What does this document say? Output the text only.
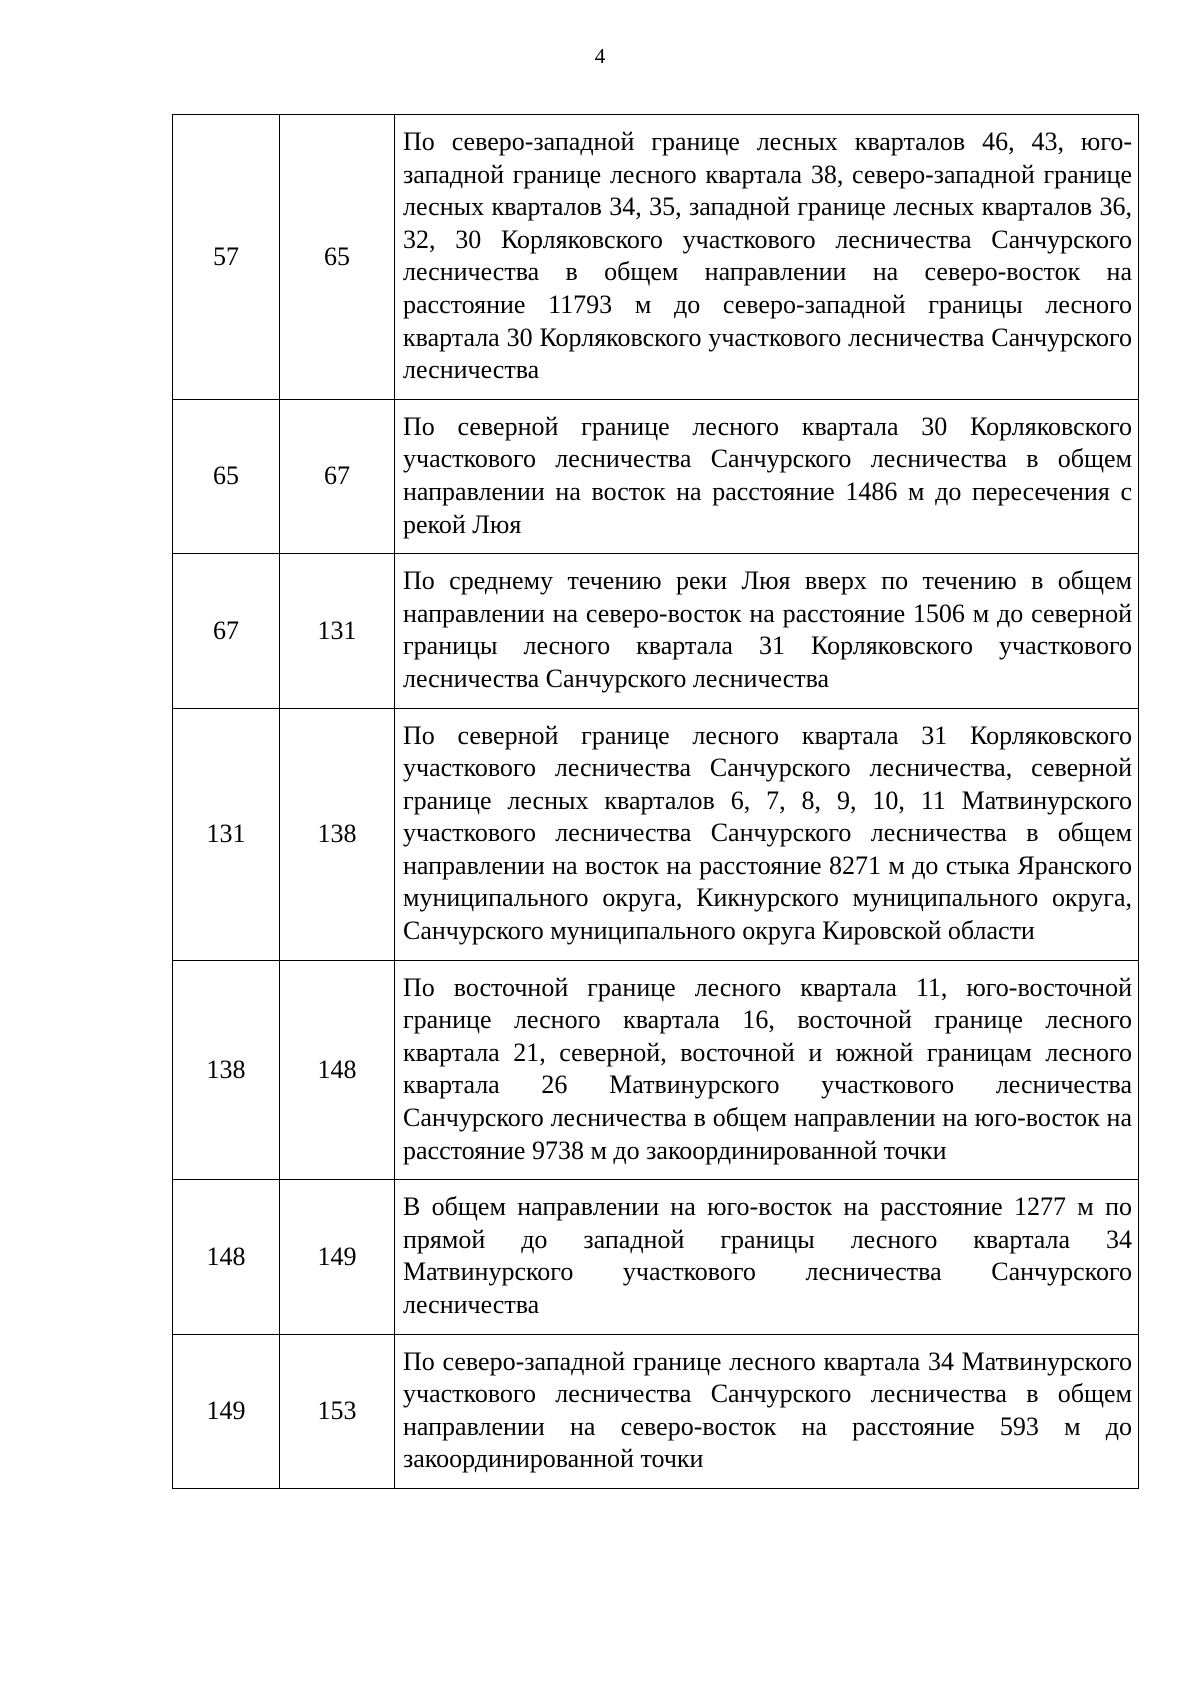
4
57	65	По северо-западной границе лесных кварталов 46, 43, юго-западной границе лесного квартала 38, северо-западной границе лесных кварталов 34, 35, западной границе лесных кварталов 36, 32, 30 Корляковского участкового лесничества Санчурского лесничества в общем направлении на северо-восток на расстояние 11793 м до северо-западной границы лесного квартала 30 Корляковского участкового лесничества Санчурского лесничества
65	67	По северной границе лесного квартала 30 Корляковского участкового лесничества Санчурского лесничества в общем направлении на восток на расстояние 1486 м до пересечения с рекой Люя
67	131	По среднему течению реки Люя вверх по течению в общем направлении на северо-восток на расстояние 1506 м до северной границы лесного квартала 31 Корляковского участкового лесничества Санчурского лесничества
131	138	По северной границе лесного квартала 31 Корляковского участкового лесничества Санчурского лесничества, северной границе лесных кварталов 6, 7, 8, 9, 10, 11 Матвинурского участкового лесничества Санчурского лесничества в общем направлении на восток на расстояние 8271 м до стыка Яранского муниципального округа, Кикнурского муниципального округа, Санчурского муниципального округа Кировской области
138	148	По восточной границе лесного квартала 11, юго-восточной границе лесного квартала 16, восточной границе лесного квартала 21, северной, восточной и южной границам лесного квартала 26 Матвинурского участкового лесничества Санчурского лесничества в общем направлении на юго-восток на расстояние 9738 м до закоординированной точки
148	149	В общем направлении на юго-восток на расстояние 1277 м по прямой до западной границы лесного квартала 34 Матвинурского участкового лесничества Санчурского лесничества
149	153	По северо-западной границе лесного квартала 34 Матвинурского участкового лесничества Санчурского лесничества в общем направлении на северо-восток на расстояние 593 м до закоординированной точки
